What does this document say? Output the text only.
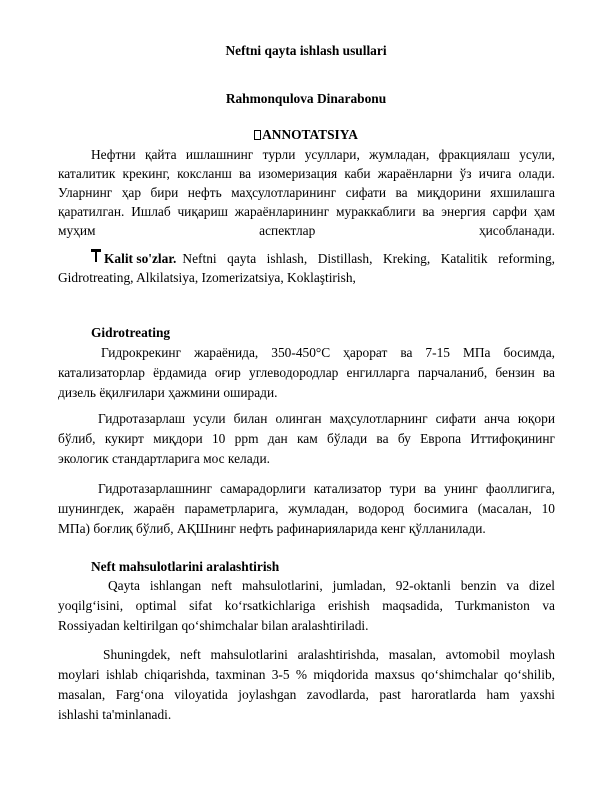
Neftni qayta ishlash usullari
Rahmonqulova Dinarabonu
ANNOTATSIYA
Нефтни қайта ишлашнинг турли усуллари, жумладан, фракциялаш усули,
каталитик крекинг, коксланш ва изомеризация каби жараёнларни ўз ичига олади.
Уларнинг ҳар бири нефть маҳсулотларининг сифати ва миқдорини яхшилашга
қаратилган. Ишлаб чиқариш жараёнларининг мураккаблиги ва энергия сарфи ҳам
муҳим	аспектлар	ҳисобланади.
Kalit so'zlar. Neftni qayta ishlash, Distillash, Kreking, Katalitik reforming,
Gidrotreating, Alkilatsiya, Izomerizatsiya, Koklaştirish,
Gidrotreating
Гидрокрекинг жараёнида, 350-450°С ҳарорат ва 7-15 МПа босимда,
катализаторлар ёрдамида оғир углеводородлар енгилларга парчаланиб, бензин ва
дизель ёқилғилари ҳажмини оширади.
Гидротазарлаш усули билан олинган маҳсулотларнинг сифати анча юқори
бўлиб, кукирт миқдори 10 ppm дан кам бўлади ва бу Европа Иттифоқининг
экологик стандартларига мос келади.
Гидротазарлашнинг самарадорлиги катализатор тури ва унинг фаоллигига,
шунингдек, жараён параметрларига, жумладан, водород босимига (масалан, 10
МПа) боғлиқ бўлиб, АҚШнинг нефть рафинарияларида кенг қўлланилади.
Neft mahsulotlarini aralashtirish
Qayta ishlangan neft mahsulotlarini, jumladan, 92-oktanli benzin va dizel
yoqilg‘isini, optimal sifat ko‘rsatkichlariga erishish maqsadida, Turkmaniston va
Rossiyadan keltirilgan qo‘shimchalar bilan aralashtiriladi.
Shuningdek, neft mahsulotlarini aralashtirishda, masalan, avtomobil moylash
moylari ishlab chiqarishda, taxminan 3-5 % miqdorida maxsus qo‘shimchalar qo‘shilib,
masalan, Farg‘ona viloyatida joylashgan zavodlarda, past haroratlarda ham yaxshi
ishlashi ta'minlanadi.
